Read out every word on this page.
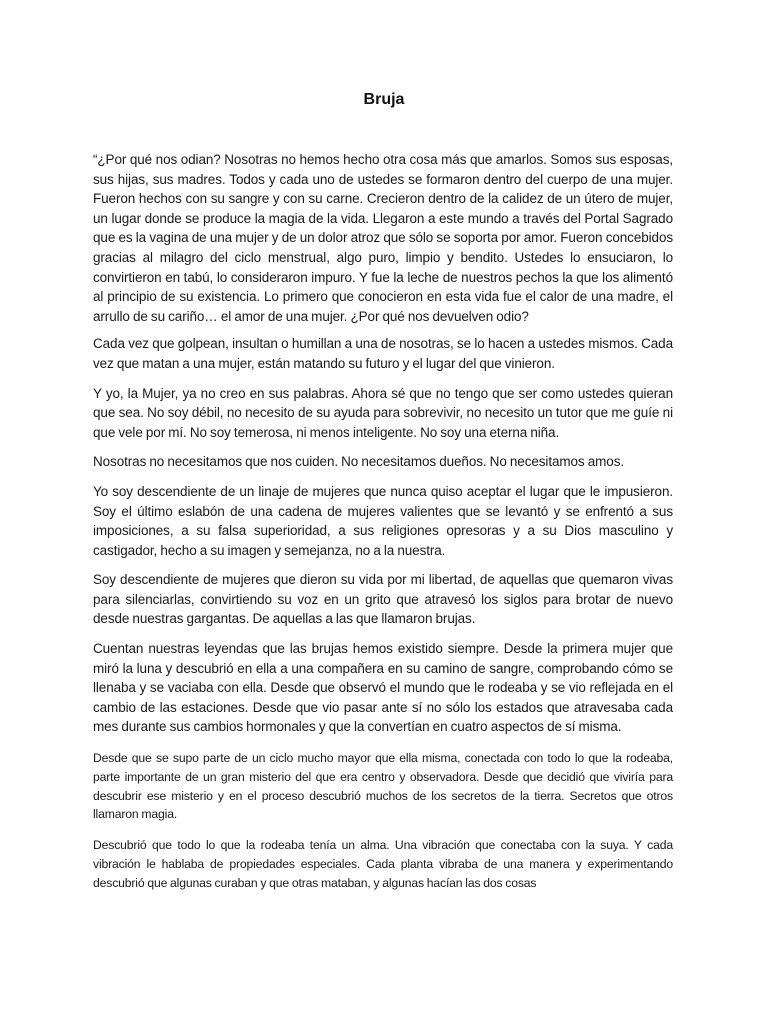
Bruja

“¿Por qué nos odian? Nosotras no hemos hecho otra cosa más que amarlos. Somos sus esposas, sus hijas, sus madres. Todos y cada uno de ustedes se formaron dentro del cuerpo de una mujer. Fueron hechos con su sangre y con su carne. Crecieron dentro de la calidez de un útero de mujer, un lugar donde se produce la magia de la vida. Llegaron a este mundo a través del Portal Sagrado que es la vagina de una mujer y de un dolor atroz que sólo se soporta por amor. Fueron concebidos gracias al milagro del ciclo menstrual, algo puro, limpio y bendito. Ustedes lo ensuciaron, lo convirtieron en tabú, lo consideraron impuro. Y fue la leche de nuestros pechos la que los alimentó al principio de su existencia. Lo primero que conocieron en esta vida fue el calor de una madre, el arrullo de su cariño… el amor de una mujer. ¿Por qué nos devuelven odio?

Cada vez que golpean, insultan o humillan a una de nosotras, se lo hacen a ustedes mismos. Cada vez que matan a una mujer, están matando su futuro y el lugar del que vinieron.

Y yo, la Mujer, ya no creo en sus palabras. Ahora sé que no tengo que ser como ustedes quieran que sea. No soy débil, no necesito de su ayuda para sobrevivir, no necesito un tutor que me guíe ni que vele por mí. No soy temerosa, ni menos inteligente. No soy una eterna niña.

Nosotras no necesitamos que nos cuiden. No necesitamos dueños. No necesitamos amos.

Yo soy descendiente de un linaje de mujeres que nunca quiso aceptar el lugar que le impusieron. Soy el último eslabón de una cadena de mujeres valientes que se levantó y se enfrentó a sus imposiciones, a su falsa superioridad, a sus religiones opresoras y a su Dios masculino y castigador, hecho a su imagen y semejanza, no a la nuestra.

Soy descendiente de mujeres que dieron su vida por mi libertad, de aquellas que quemaron vivas para silenciarlas, convirtiendo su voz en un grito que atravesó los siglos para brotar de nuevo desde nuestras gargantas. De aquellas a las que llamaron brujas.

Cuentan nuestras leyendas que las brujas hemos existido siempre. Desde la primera mujer que miró la luna y descubrió en ella a una compañera en su camino de sangre, comprobando cómo se llenaba y se vaciaba con ella. Desde que observó el mundo que le rodeaba y se vio reflejada en el cambio de las estaciones. Desde que vio pasar ante sí no sólo los estados que atravesaba cada mes durante sus cambios hormonales y que la convertían en cuatro aspectos de sí misma.

Desde que se supo parte de un ciclo mucho mayor que ella misma, conectada con todo lo que la rodeaba, parte importante de un gran misterio del que era centro y observadora. Desde que decidió que viviría para descubrir ese misterio y en el proceso descubrió muchos de los secretos de la tierra. Secretos que otros llamaron magia.

Descubrió que todo lo que la rodeaba tenía un alma. Una vibración que conectaba con la suya. Y cada vibración le hablaba de propiedades especiales. Cada planta vibraba de una manera y experimentando descubrió que algunas curaban y que otras mataban, y algunas hacían las dos cosas
